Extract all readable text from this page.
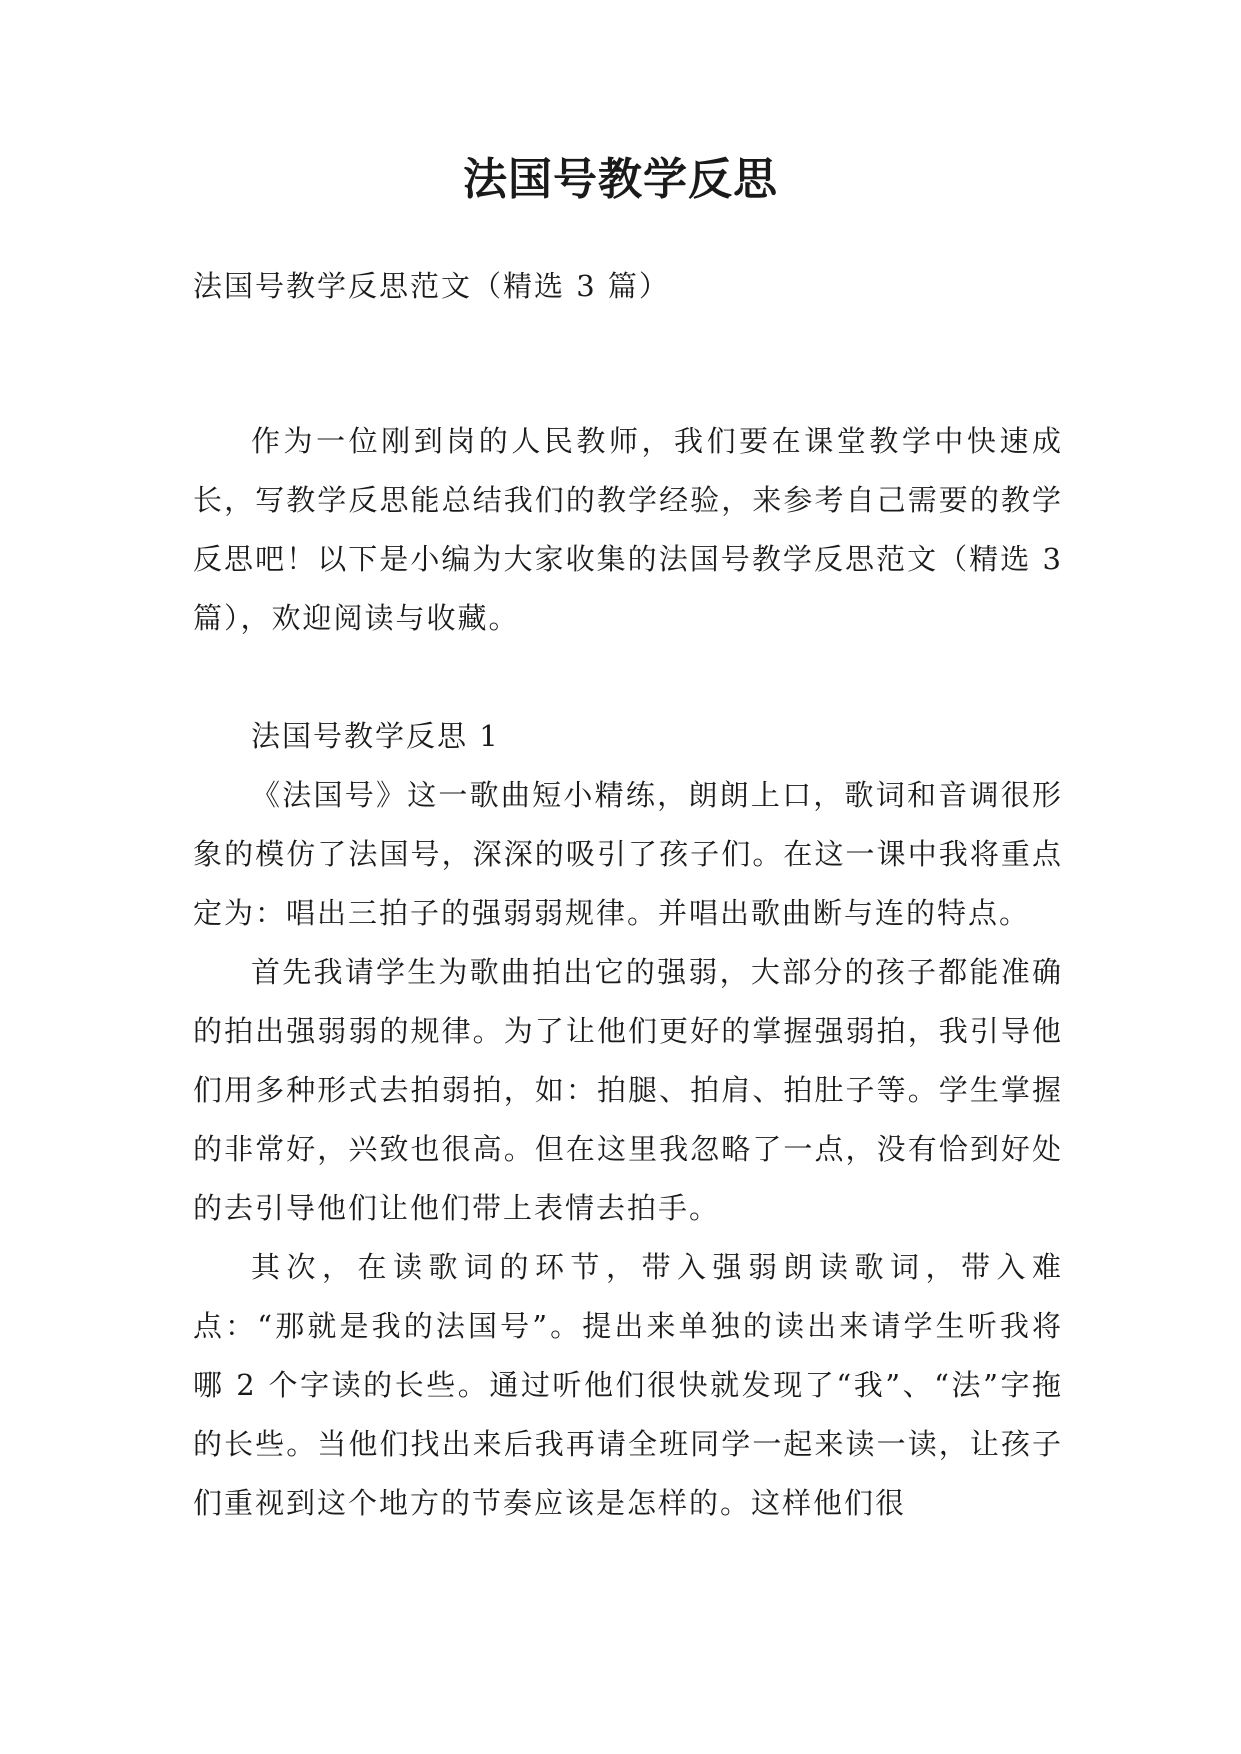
法国号教学反思

法国号教学反思范文（精选 3 篇）

作为一位刚到岗的人民教师，我们要在课堂教学中快速成长，写教学反思能总结我们的教学经验，来参考自己需要的教学反思吧！以下是小编为大家收集的法国号教学反思范文（精选 3 篇），欢迎阅读与收藏。

法国号教学反思 1

《法国号》这一歌曲短小精练，朗朗上口，歌词和音调很形象的模仿了法国号，深深的吸引了孩子们。在这一课中我将重点定为：唱出三拍子的强弱弱规律。并唱出歌曲断与连的特点。

首先我请学生为歌曲拍出它的强弱，大部分的孩子都能准确的拍出强弱弱的规律。为了让他们更好的掌握强弱拍，我引导他们用多种形式去拍弱拍，如：拍腿、拍肩、拍肚子等。学生掌握的非常好，兴致也很高。但在这里我忽略了一点，没有恰到好处的去引导他们让他们带上表情去拍手。

其次，在读歌词的环节，带入强弱朗读歌词，带入难点：“那就是我的法国号”。提出来单独的读出来请学生听我将哪 2 个字读的长些。通过听他们很快就发现了“我”、“法”字拖的长些。当他们找出来后我再请全班同学一起来读一读，让孩子们重视到这个地方的节奏应该是怎样的。这样他们很
